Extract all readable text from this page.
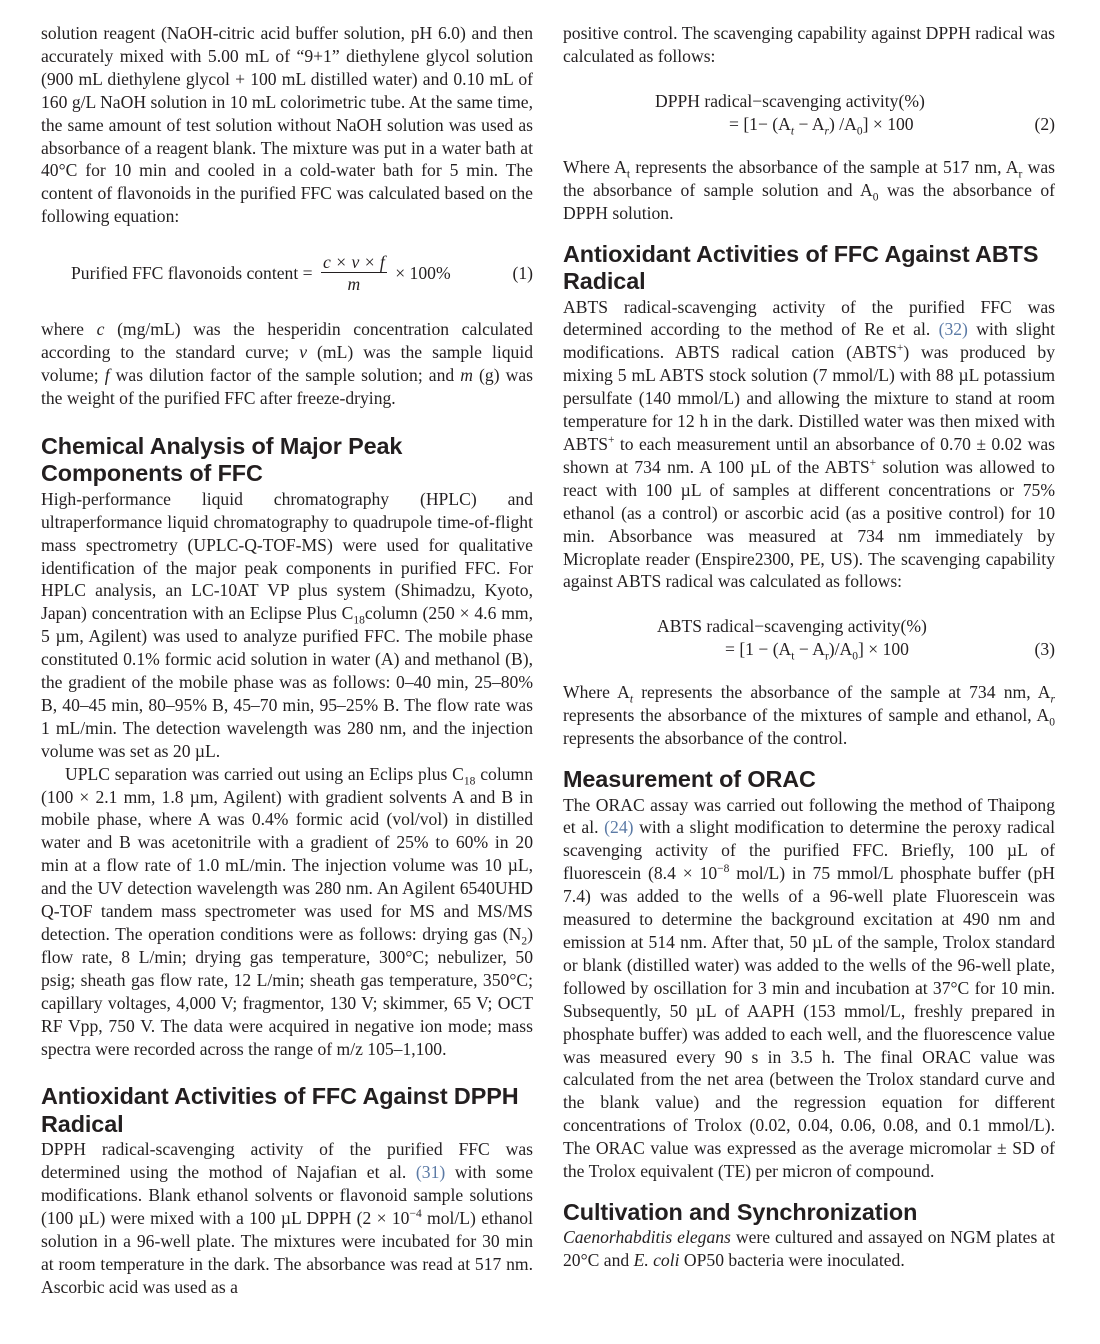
solution reagent (NaOH-citric acid buffer solution, pH 6.0) and then accurately mixed with 5.00 mL of “9+1” diethylene glycol solution (900 mL diethylene glycol + 100 mL distilled water) and 0.10 mL of 160 g/L NaOH solution in 10 mL colorimetric tube. At the same time, the same amount of test solution without NaOH solution was used as absorbance of a reagent blank. The mixture was put in a water bath at 40°C for 10 min and cooled in a cold-water bath for 5 min. The content of flavonoids in the purified FFC was calculated based on the following equation:

Purified FFC flavonoids content = $\frac{c \times v \times f}{m} \times 100\%$	(1)

where c (mg/mL) was the hesperidin concentration calculated according to the standard curve; v (mL) was the sample liquid volume; f was dilution factor of the sample solution; and m (g) was the weight of the purified FFC after freeze-drying.

Chemical Analysis of Major Peak Components of FFC

High-performance liquid chromatography (HPLC) and ultraperformance liquid chromatography to quadrupole time-of-flight mass spectrometry (UPLC-Q-TOF-MS) were used for qualitative identification of the major peak components in purified FFC. For HPLC analysis, an LC-10AT VP plus system (Shimadzu, Kyoto, Japan) concentration with an Eclipse Plus $C_{18}column$ (250 × 4.6 mm, 5 µm, Agilent) was used to analyze purified FFC. The mobile phase constituted 0.1% formic acid solution in water (A) and methanol (B), the gradient of the mobile phase was as follows: 0–40 min, 25–80% B, 40–45 min, 80–95% B, 45–70 min, 95–25% B. The flow rate was 1 mL/min. The detection wavelength was 280 nm, and the injection volume was set as 20 µL.

UPLC separation was carried out using an Eclips plus $C_{18}$ column (100 × 2.1 mm, 1.8 µm, Agilent) with gradient solvents A and B in mobile phase, where A was 0.4% formic acid (vol/vol) in distilled water and B was acetonitrile with a gradient of 25% to 60% in 20 min at a flow rate of 1.0 mL/min. The injection volume was 10 µL, and the UV detection wavelength was 280 nm. An Agilent 6540UHD Q-TOF tandem mass spectrometer was used for MS and MS/MS detection. The operation conditions were as follows: drying gas $(N_2)$ flow rate, 8 L/min; drying gas temperature, 300°C; nebulizer, 50 psig; sheath gas flow rate, 12 L/min; sheath gas temperature, 350°C; capillary voltages, 4,000 V; fragmentor, 130 V; skimmer, 65 V; OCT RF Vpp, 750 V. The data were acquired in negative ion mode; mass spectra were recorded across the range of m/z 105–1,100.

Antioxidant Activities of FFC Against DPPH Radical

DPPH radical-scavenging activity of the purified FFC was determined using the mothod of Najafian et al. (31) with some modifications. Blank ethanol solvents or flavonoid sample solutions (100 µL) were mixed with a 100 µL DPPH ($2 \times 10^{-4}$ mol/L) ethanol solution in a 96-well plate. The mixtures were incubated for 30 min at room temperature in the dark. The absorbance was read at 517 nm. Ascorbic acid was used as a

positive control. The scavenging capability against DPPH radical was calculated as follows:

DPPH radical−scavenging activity(%)
= $[1- (A_t - A_r) /A_0] \times 100$	(2)

Where $A_t$ represents the absorbance of the sample at 517 nm, $A_r$ was the absorbance of sample solution and $A_0$ was the absorbance of DPPH solution.

Antioxidant Activities of FFC Against ABTS Radical

ABTS radical-scavenging activity of the purified FFC was determined according to the method of Re et al. (32) with slight modifications. ABTS radical cation (ABTS+) was produced by mixing 5 mL ABTS stock solution (7 mmol/L) with 88 µL potassium persulfate (140 mmol/L) and allowing the mixture to stand at room temperature for 12 h in the dark. Distilled water was then mixed with ABTS+ to each measurement until an absorbance of 0.70 ± 0.02 was shown at 734 nm. A 100 µL of the ABTS+ solution was allowed to react with 100 µL of samples at different concentrations or 75% ethanol (as a control) or ascorbic acid (as a positive control) for 10 min. Absorbance was measured at 734 nm immediately by Microplate reader (Enspire2300, PE, US). The scavenging capability against ABTS radical was calculated as follows:

ABTS radical−scavenging activity(%)
= $[1 - (A_t - A_r)/A_0] \times 100$	(3)

Where $A_t$ represents the absorbance of the sample at 734 nm, $A_r$ represents the absorbance of the mixtures of sample and ethanol, $A_0$ represents the absorbance of the control.

Measurement of ORAC

The ORAC assay was carried out following the method of Thaipong et al. (24) with a slight modification to determine the peroxy radical scavenging activity of the purified FFC. Briefly, 100 µL of fluorescein ($8.4 \times 10^{-8}$ mol/L) in 75 mmol/L phosphate buffer (pH 7.4) was added to the wells of a 96-well plate Fluorescein was measured to determine the background excitation at 490 nm and emission at 514 nm. After that, 50 µL of the sample, Trolox standard or blank (distilled water) was added to the wells of the 96-well plate, followed by oscillation for 3 min and incubation at 37°C for 10 min. Subsequently, 50 µL of AAPH (153 mmol/L, freshly prepared in phosphate buffer) was added to each well, and the fluorescence value was measured every 90 s in 3.5 h. The final ORAC value was calculated from the net area (between the Trolox standard curve and the blank value) and the regression equation for different concentrations of Trolox (0.02, 0.04, 0.06, 0.08, and 0.1 mmol/L). The ORAC value was expressed as the average micromolar ± SD of the Trolox equivalent (TE) per micron of compound.

Cultivation and Synchronization

Caenorhabditis elegans were cultured and assayed on NGM plates at 20°C and E. coli OP50 bacteria were inoculated.
